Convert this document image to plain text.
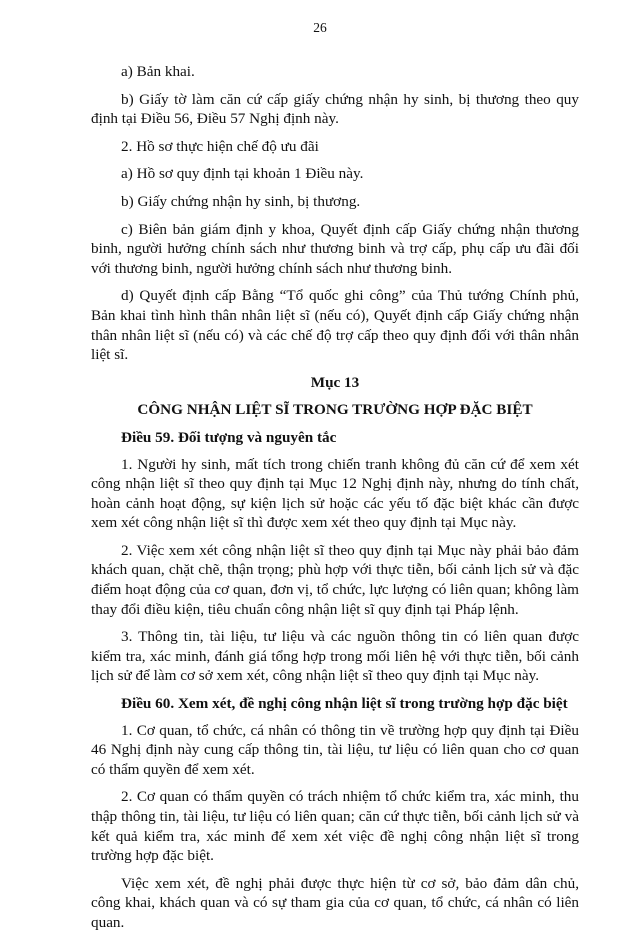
26

a) Bản khai.

b) Giấy tờ làm căn cứ cấp giấy chứng nhận hy sinh, bị thương theo quy định tại Điều 56, Điều 57 Nghị định này.

2. Hồ sơ thực hiện chế độ ưu đãi

a) Hồ sơ quy định tại khoản 1 Điều này.

b) Giấy chứng nhận hy sinh, bị thương.

c) Biên bản giám định y khoa, Quyết định cấp Giấy chứng nhận thương binh, người hưởng chính sách như thương binh và trợ cấp, phụ cấp ưu đãi đối với thương binh, người hưởng chính sách như thương binh.

d) Quyết định cấp Bằng “Tổ quốc ghi công” của Thủ tướng Chính phủ, Bản khai tình hình thân nhân liệt sĩ (nếu có), Quyết định cấp Giấy chứng nhận thân nhân liệt sĩ (nếu có) và các chế độ trợ cấp theo quy định đối với thân nhân liệt sĩ.

Mục 13

CÔNG NHẬN LIỆT SĨ TRONG TRƯỜNG HỢP ĐẶC BIỆT

Điều 59. Đối tượng và nguyên tắc

1. Người hy sinh, mất tích trong chiến tranh không đủ căn cứ để xem xét công nhận liệt sĩ theo quy định tại Mục 12 Nghị định này, nhưng do tính chất, hoàn cảnh hoạt động, sự kiện lịch sử hoặc các yếu tố đặc biệt khác cần được xem xét công nhận liệt sĩ thì được xem xét theo quy định tại Mục này.

2. Việc xem xét công nhận liệt sĩ theo quy định tại Mục này phải bảo đảm khách quan, chặt chẽ, thận trọng; phù hợp với thực tiễn, bối cảnh lịch sử và đặc điểm hoạt động của cơ quan, đơn vị, tổ chức, lực lượng có liên quan; không làm thay đổi điều kiện, tiêu chuẩn công nhận liệt sĩ quy định tại Pháp lệnh.

3. Thông tin, tài liệu, tư liệu và các nguồn thông tin có liên quan được kiểm tra, xác minh, đánh giá tổng hợp trong mối liên hệ với thực tiễn, bối cảnh lịch sử để làm cơ sở xem xét, công nhận liệt sĩ theo quy định tại Mục này.

Điều 60. Xem xét, đề nghị công nhận liệt sĩ trong trường hợp đặc biệt

1. Cơ quan, tổ chức, cá nhân có thông tin về trường hợp quy định tại Điều 46 Nghị định này cung cấp thông tin, tài liệu, tư liệu có liên quan cho cơ quan có thẩm quyền để xem xét.

2. Cơ quan có thẩm quyền có trách nhiệm tổ chức kiểm tra, xác minh, thu thập thông tin, tài liệu, tư liệu có liên quan; căn cứ thực tiễn, bối cảnh lịch sử và kết quả kiểm tra, xác minh để xem xét việc đề nghị công nhận liệt sĩ trong trường hợp đặc biệt.

Việc xem xét, đề nghị phải được thực hiện từ cơ sở, bảo đảm dân chủ, công khai, khách quan và có sự tham gia của cơ quan, tổ chức, cá nhân có liên quan.
